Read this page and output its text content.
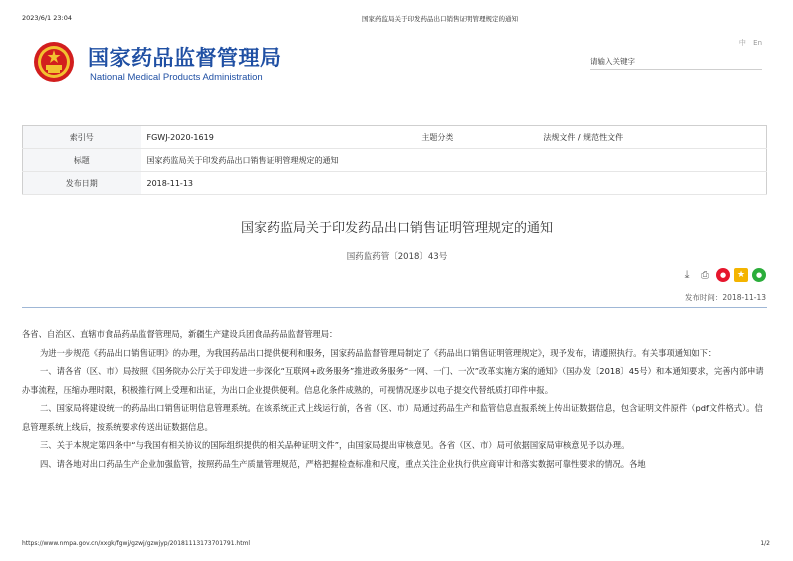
2023/6/1 23:04	国家药监局关于印发药品出口销售证明管理规定的通知
国家药品监督管理局
National Medical Products Administration
中 En
请输入关键字
索引号	FGWJ-2020-1619	主题分类	法规文件 / 规范性文件
标题	国家药监局关于印发药品出口销售证明管理规定的通知		
发布日期	2018-11-13		
国家药监局关于印发药品出口销售证明管理规定的通知
国药监药管〔2018〕43号
⤓	⎙	●	★	●
发布时间：2018-11-13

各省、自治区、直辖市食品药品监督管理局，新疆生产建设兵团食品药品监督管理局：

为进一步规范《药品出口销售证明》的办理，为我国药品出口提供便利和服务，国家药品监督管理局制定了《药品出口销售证明管理规定》，现予发布，请遵照执行。有关事项通知如下：

一、请各省（区、市）局按照《国务院办公厅关于印发进一步深化“互联网+政务服务”推进政务服务“一网、一门、一次”改革实施方案的通知》（国办发〔2018〕45号）和本通知要求，完善内部申请办事流程，压缩办理时限，积极推行网上受理和出证，为出口企业提供便利。信息化条件成熟的，可视情况逐步以电子提交代替纸质打印件申报。

二、国家局将建设统一的药品出口销售证明信息管理系统。在该系统正式上线运行前，各省（区、市）局通过药品生产和监管信息直报系统上传出证数据信息，包含证明文件原件（pdf文件格式）。信息管理系统上线后，按系统要求传送出证数据信息。

三、关于本规定第四条中“与我国有相关协议的国际组织提供的相关品种证明文件”，由国家局提出审核意见。各省（区、市）局可依据国家局审核意见予以办理。

四、请各地对出口药品生产企业加强监管，按照药品生产质量管理规范，严格把握检查标准和尺度，重点关注企业执行供应商审计和落实数据可靠性要求的情况。各地

https://www.nmpa.gov.cn/xxgk/fgwj/gzwj/gzwjyp/20181113173701791.html	1/2
